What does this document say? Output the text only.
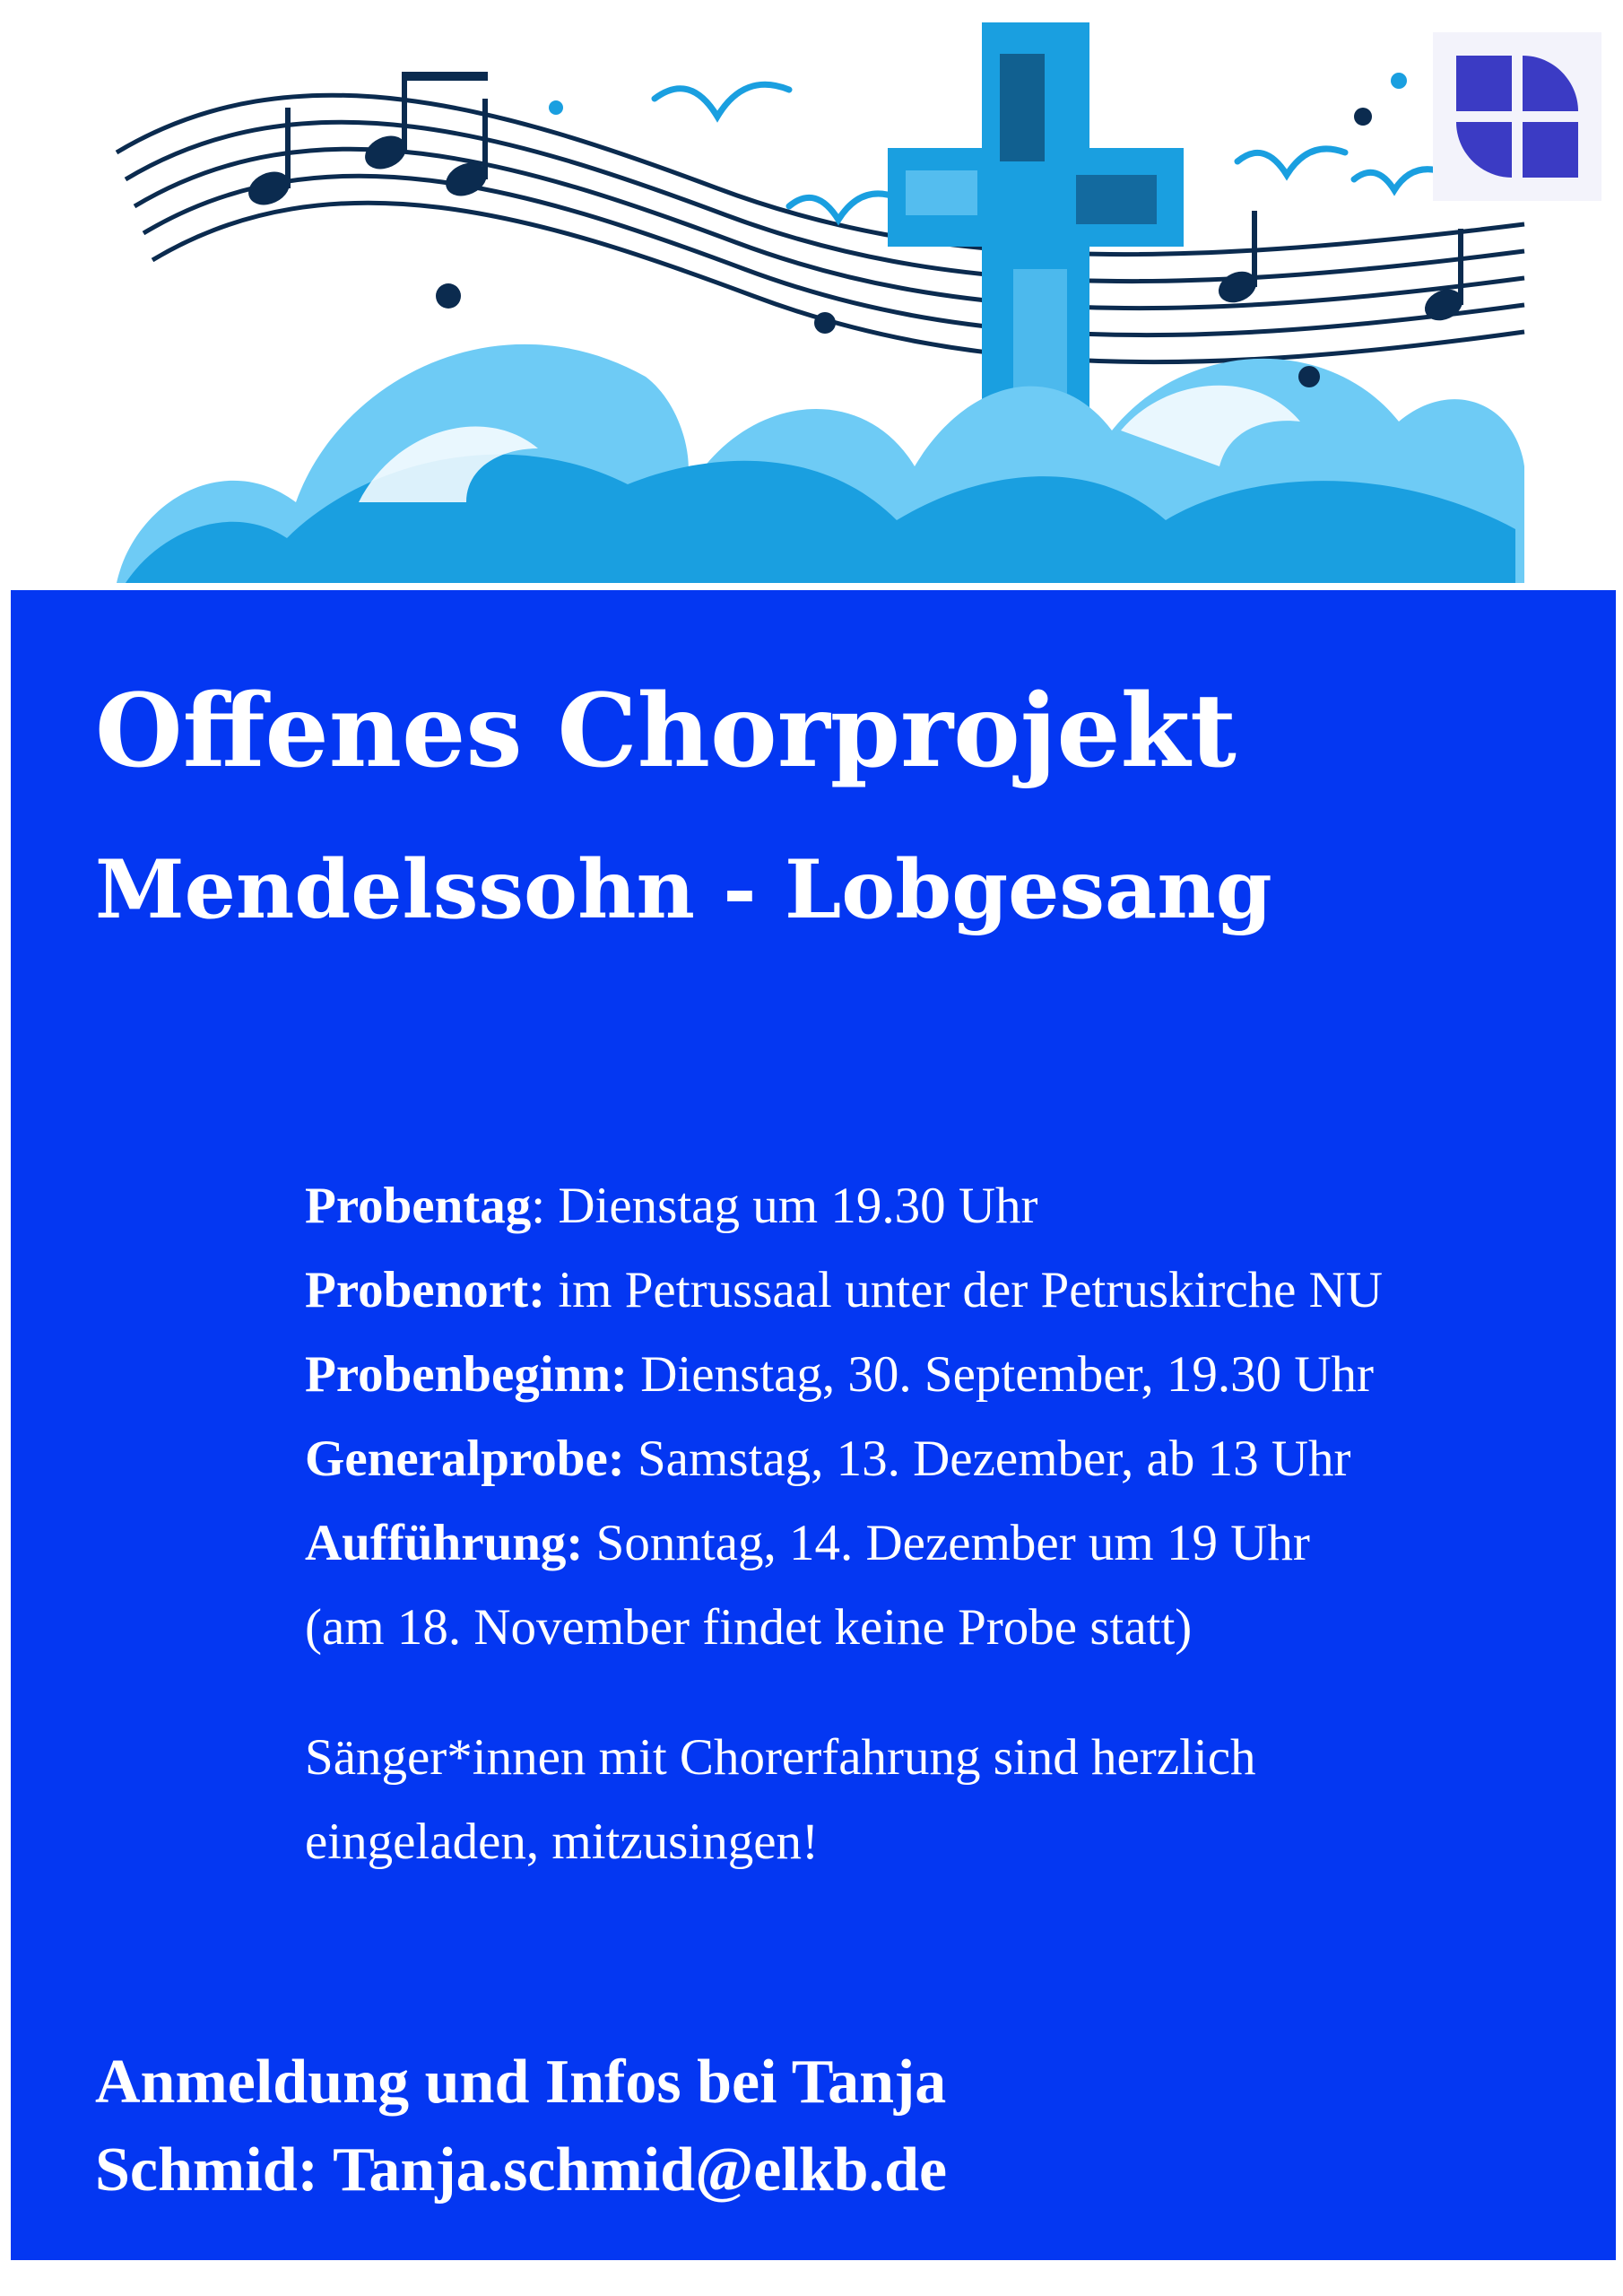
Offenes Chorprojekt
Mendelssohn - Lobgesang
Probentag: Dienstag um 19.30 Uhr
Probenort: im Petrussaal unter der Petruskirche NU
Probenbeginn: Dienstag, 30. September, 19.30 Uhr
Generalprobe: Samstag, 13. Dezember, ab 13 Uhr
Aufführung: Sonntag, 14. Dezember um 19 Uhr
(am 18. November findet keine Probe statt)
Sänger*innen mit Chorerfahrung sind herzlich
eingeladen, mitzusingen!
Anmeldung und Infos bei Tanja
Schmid: Tanja.schmid@elkb.de
